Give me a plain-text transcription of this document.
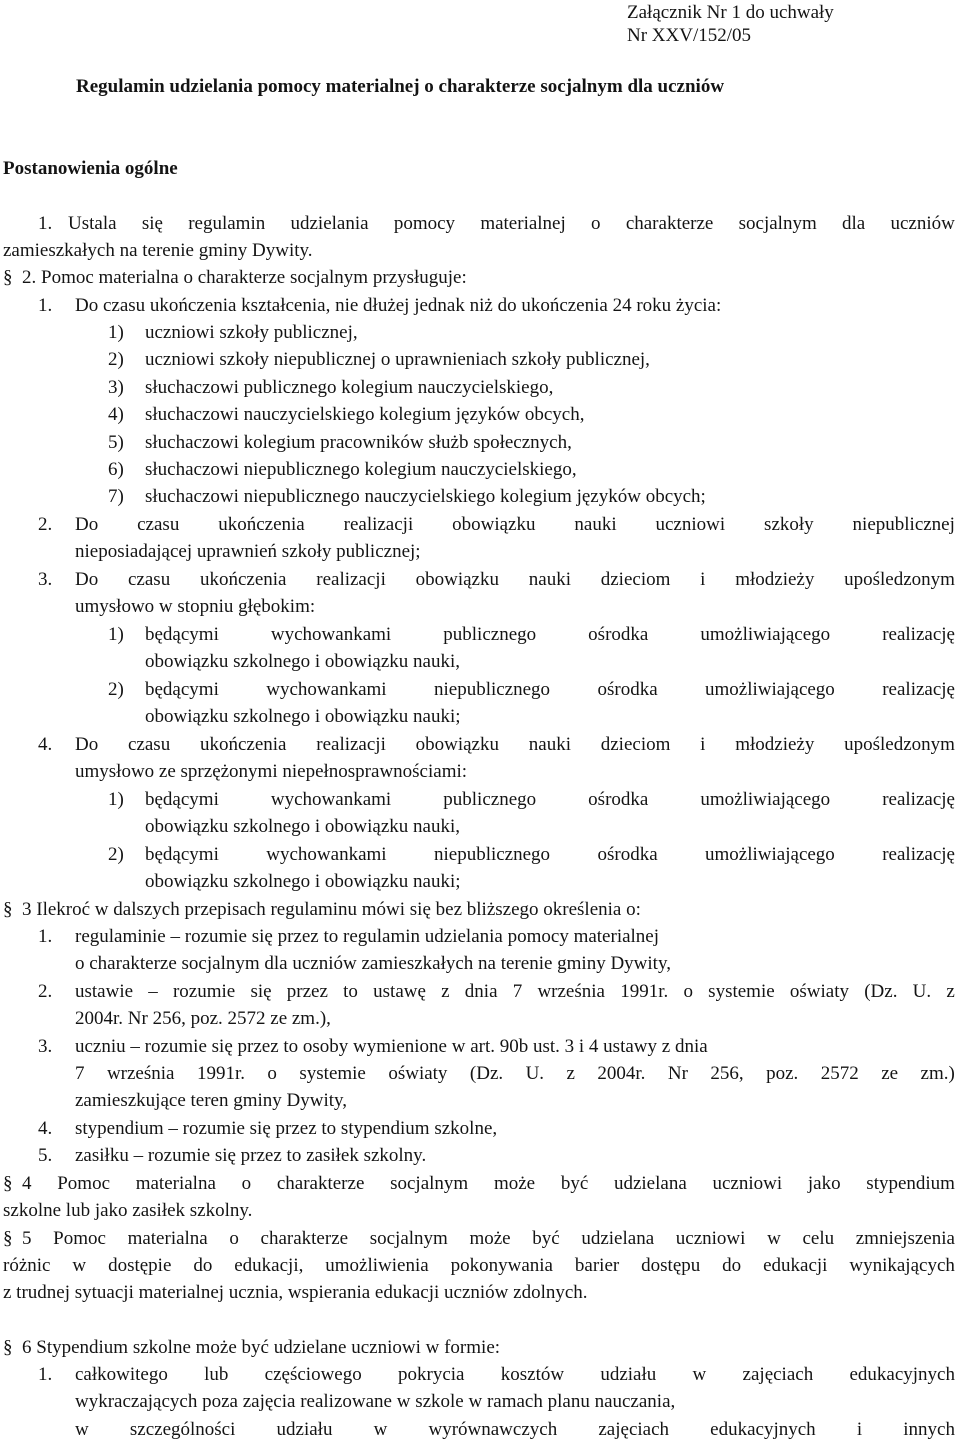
Załącznik Nr 1 do uchwały
Nr XXV/152/05
Regulamin udzielania pomocy materialnej o charakterze socjalnym dla uczniów
Postanowienia ogólne
1. Ustala się regulamin udzielania pomocy materialnej o charakterze socjalnym dla uczniów
zamieszkałych na terenie gminy Dywity.
§ 2. Pomoc materialna o charakterze socjalnym przysługuje:
1. Do czasu ukończenia kształcenia, nie dłużej jednak niż do ukończenia 24 roku życia:
1) uczniowi szkoły publicznej,
2) uczniowi szkoły niepublicznej o uprawnieniach szkoły publicznej,
3) słuchaczowi publicznego kolegium nauczycielskiego,
4) słuchaczowi nauczycielskiego kolegium języków obcych,
5) słuchaczowi kolegium pracowników służb społecznych,
6) słuchaczowi niepublicznego kolegium nauczycielskiego,
7) słuchaczowi niepublicznego nauczycielskiego kolegium języków obcych;
2. Do czasu ukończenia realizacji obowiązku nauki uczniowi szkoły niepublicznej
nieposiadającej uprawnień szkoły publicznej;
3. Do czasu ukończenia realizacji obowiązku nauki dzieciom i młodzieży upośledzonym
umysłowo w stopniu głębokim:
1) będącymi	wychowankami	publicznego	ośrodka	umożliwiającego	realizację
obowiązku szkolnego i obowiązku nauki,
2) będącymi wychowankami niepublicznego ośrodka umożliwiającego realizację
obowiązku szkolnego i obowiązku nauki;
4. Do czasu ukończenia realizacji obowiązku nauki dzieciom i młodzieży upośledzonym
umysłowo ze sprzężonymi niepełnosprawnościami:
1) będącymi	wychowankami	publicznego	ośrodka	umożliwiającego	realizację
obowiązku szkolnego i obowiązku nauki,
2) będącymi wychowankami niepublicznego ośrodka umożliwiającego realizację
obowiązku szkolnego i obowiązku nauki;
§ 3 Ilekroć w dalszych przepisach regulaminu mówi się bez bliższego określenia o:
1. regulaminie – rozumie się przez to regulamin udzielania pomocy materialnej
o charakterze socjalnym dla uczniów zamieszkałych na terenie gminy Dywity,
2. ustawie – rozumie się przez to ustawę z dnia 7 września 1991r. o systemie oświaty (Dz. U. z
2004r. Nr 256, poz. 2572 ze zm.),
3. uczniu – rozumie się przez to osoby wymienione w art. 90b ust. 3 i 4 ustawy z dnia
7 września 1991r. o systemie oświaty (Dz. U. z 2004r. Nr 256, poz. 2572 ze zm.)
zamieszkujące teren gminy Dywity,
4. stypendium – rozumie się przez to stypendium szkolne,
5. zasiłku – rozumie się przez to zasiłek szkolny.
§ 4 Pomoc materialna o charakterze socjalnym może być udzielana uczniowi jako stypendium
szkolne lub jako zasiłek szkolny.
§ 5 Pomoc materialna o charakterze socjalnym może być udzielana uczniowi w celu zmniejszenia
różnic w dostępie do edukacji, umożliwienia pokonywania barier dostępu do edukacji wynikających
z trudnej sytuacji materialnej ucznia, wspierania edukacji uczniów zdolnych.
§ 6 Stypendium szkolne może być udzielane uczniowi w formie:
1. całkowitego lub częściowego pokrycia kosztów udziału w zajęciach edukacyjnych
wykraczających poza zajęcia realizowane w szkole w ramach planu nauczania,
w szczególności udziału w wyrównawczych zajęciach edukacyjnych i innych
